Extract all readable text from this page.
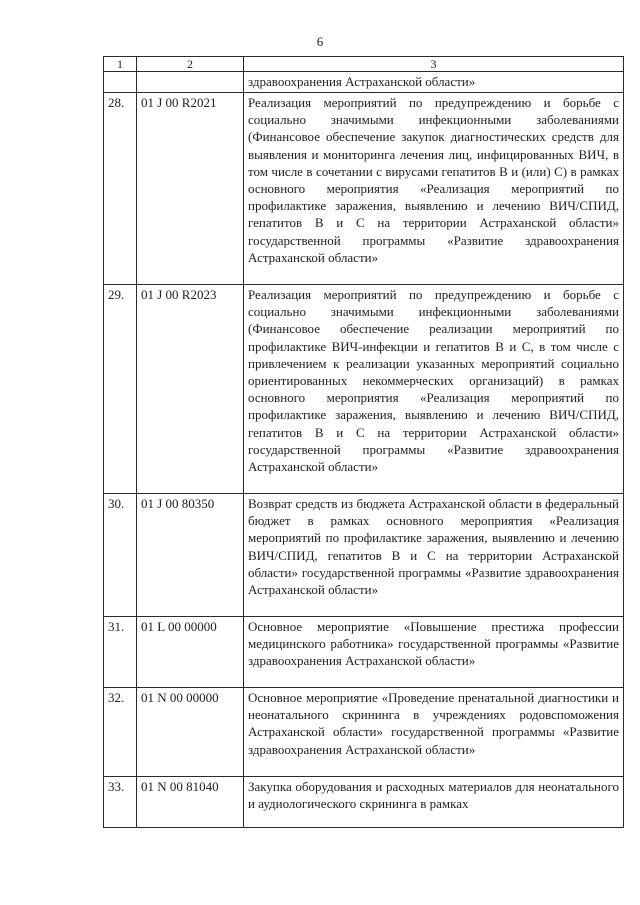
6
1	2	3
		здравоохранения Астраханской области»
28.	01 J 00 R2021	Реализация мероприятий по предупреждению и борьбе с социально значимыми инфекционными заболеваниями (Финансовое обеспечение закупок диагностических средств для выявления и мониторинга лечения лиц, инфицированных ВИЧ, в том числе в сочетании с вирусами гепатитов В и (или) С) в рамках основного мероприятия «Реализация мероприятий по профилактике заражения, выявлению и лечению ВИЧ/СПИД, гепатитов В и С на территории Астраханской области» государственной программы «Развитие здравоохранения Астраханской области»
29.	01 J 00 R2023	Реализация мероприятий по предупреждению и борьбе с социально значимыми инфекционными заболеваниями (Финансовое обеспечение реализации мероприятий по профилактике ВИЧ-инфекции и гепатитов В и С, в том числе с привлечением к реализации указанных мероприятий социально ориентированных некоммерческих организаций) в рамках основного мероприятия «Реализация мероприятий по профилактике заражения, выявлению и лечению ВИЧ/СПИД, гепатитов В и С на территории Астраханской области» государственной программы «Развитие здравоохранения Астраханской области»
30.	01 J 00 80350	Возврат средств из бюджета Астраханской области в федеральный бюджет в рамках основного мероприятия «Реализация мероприятий по профилактике заражения, выявлению и лечению ВИЧ/СПИД, гепатитов В и С на территории Астраханской области» государственной программы «Развитие здравоохранения Астраханской области»
31.	01 L 00 00000	Основное мероприятие «Повышение престижа профессии медицинского работника» государственной программы «Развитие здравоохранения Астраханской области»
32.	01 N 00 00000	Основное мероприятие «Проведение пренатальной диагностики и неонатального скрининга в учреждениях родовспоможения Астраханской области» государственной программы «Развитие здравоохранения Астраханской области»
33.	01 N 00 81040	Закупка оборудования и расходных материалов для неонатального и аудиологического скрининга в рамках
